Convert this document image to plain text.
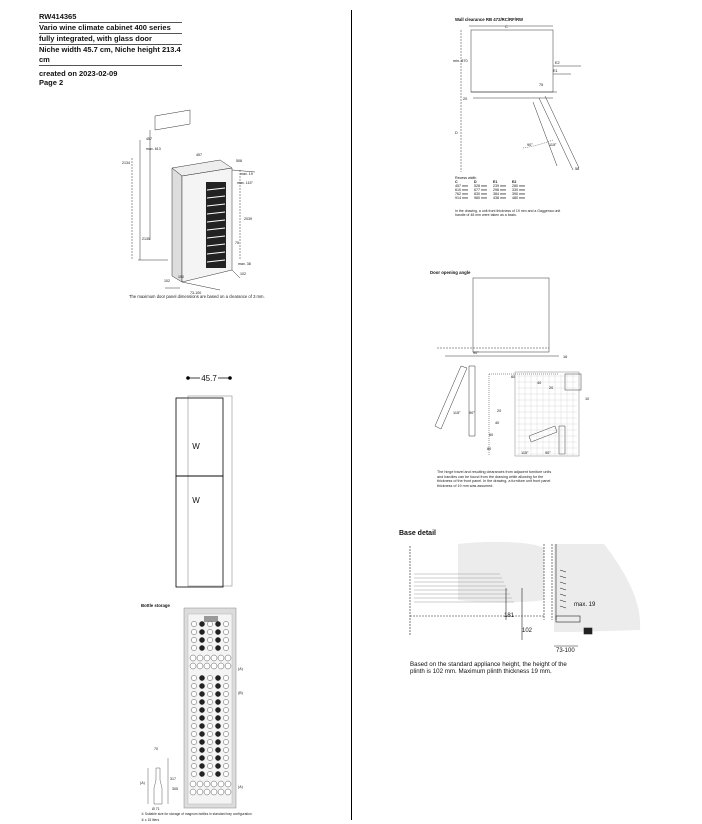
RW414365
Vario wine climate cabinet 400 series
fully integrated, with glass door
Niche width 45.7 cm, Niche height 213.4
cm
created on 2023-02-09
Page 2
457
max. 613
457
508
2134
2039
2135
75
max. 115°
102
150
73-100
max. 19
max. 38
102
The maximum door panel dimensions are based on a clearance of 3 mm.
45.7
W
W
Bottle storage
(A)
(B)
(A)
70
317
(A)
Ø 71
305
① Suitable size for storage of magnum bottles in standard tray configuration
② ≤ 15 liters
Wall clearance RB 472/RC/RF/RW
C
E2
E1
min. 870
D
90°	115°
75
20
58
Recess width
C	D	E1	E2
457 mm	528 mm	239 mm	280 mm
610 mm	677 mm	298 mm	330 mm
762 mm	830 mm	384 mm	390 mm
914 mm	980 mm	438 mm	480 mm
In the drawing, a unit front thickness of 19 mm and a Gaggenau unit handle of 48 mm were taken as a basis.
Door opening angle
16
90°
60
40
115° 90°	20
40
60
80
10
115°	90°
20
The hinge travel and resulting clearances from adjacent furniture units and handles can be found from the drawing while allowing for the thickness of the front panel. In the drawing, a furniture unit front panel thickness of 19 mm was assumed.
Base detail
max. 19
181
102
73-100
Based on the standard appliance height, the height of the plinth is 102 mm. Maximum plinth thickness 19 mm.
